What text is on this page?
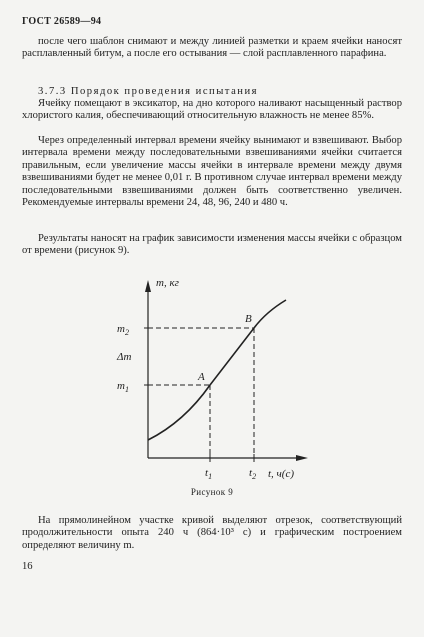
ГОСТ 26589—94
после чего шаблон снимают и между линией разметки и краем ячейки наносят расплавленный битум, а после его остывания — слой расплавленного парафина.
3.7.3 Порядок проведения испытания
Ячейку помещают в эксикатор, на дно которого наливают насыщенный раствор хлористого калия, обеспечивающий относительную влажность не менее 85%.
Через определенный интервал времени ячейку вынимают и взвешивают. Выбор интервала времени между последовательными взвешиваниями ячейки считается правильным, если увеличение массы ячейки в интервале времени между двумя взвешиваниями будет не менее 0,01 г. В противном случае интервал времени между последовательными взвешиваниями должен быть соответственно увеличен. Рекомендуемые интервалы времени 24, 48, 96, 240 и 480 ч.
Результаты наносят на график зависимости изменения массы ячейки с образцом от времени (рисунок 9).
m, кг
t, ч(с)
$m_2$
Δm
$m_1$
$t_1$	$t_2$
A
B
Рисунок 9
На прямолинейном участке кривой выделяют отрезок, соответствующий продолжительности опыта 240 ч (864·10³ с) и графическим построением определяют величину m.
16
